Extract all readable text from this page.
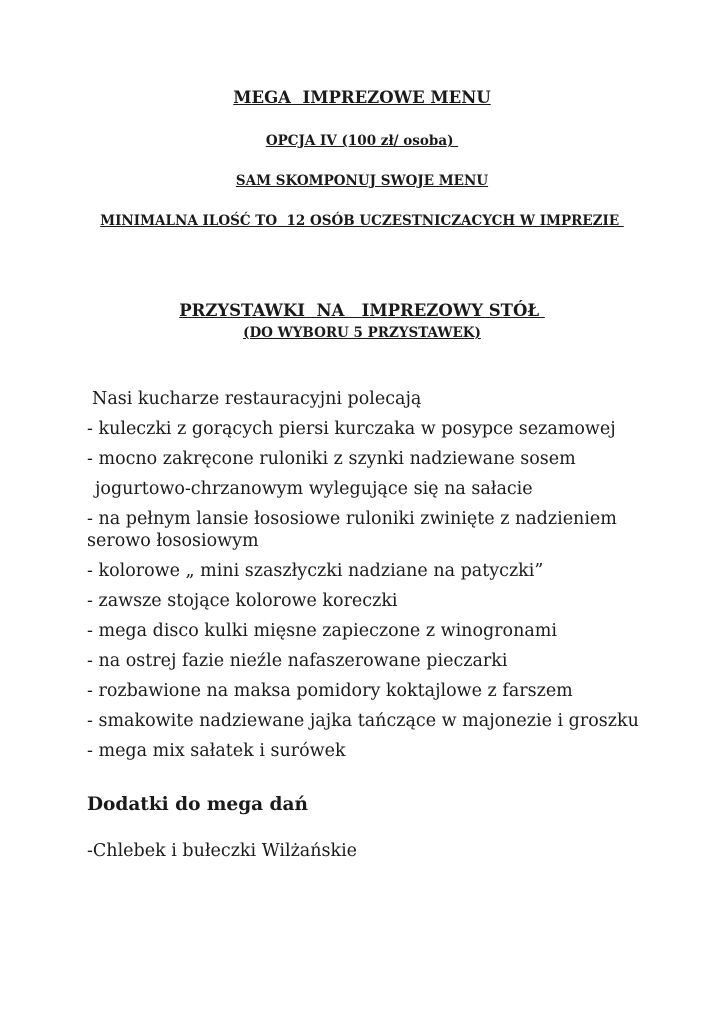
MEGA  IMPREZOWE MENU
OPCJA IV (100 zł/ osoba)
SAM SKOMPONUJ SWOJE MENU
MINIMALNA ILOŚĆ TO  12 OSÓB UCZESTNICZACYCH W IMPREZIE
PRZYSTAWKI  NA   IMPREZOWY STÓŁ
(DO WYBORU 5 PRZYSTAWEK)
Nasi kucharze restauracyjni polecają
- kuleczki z gorących piersi kurczaka w posypce sezamowej
- mocno zakręcone ruloniki z szynki nadziewane sosem
jogurtowo-chrzanowym wylegujące się na sałacie
- na pełnym lansie łososiowe ruloniki zwinięte z nadzieniem serowo łososiowym
- kolorowe „ mini szaszłyczki nadziane na patyczki”
- zawsze stojące kolorowe koreczki
- mega disco kulki mięsne zapieczone z winogronami
- na ostrej fazie nieźle nafaszerowane pieczarki
- rozbawione na maksa pomidory koktajlowe z farszem
- smakowite nadziewane jajka tańczące w majonezie i groszku
- mega mix sałatek i surówek
Dodatki do mega dań
-Chlebek i bułeczki Wilżańskie
